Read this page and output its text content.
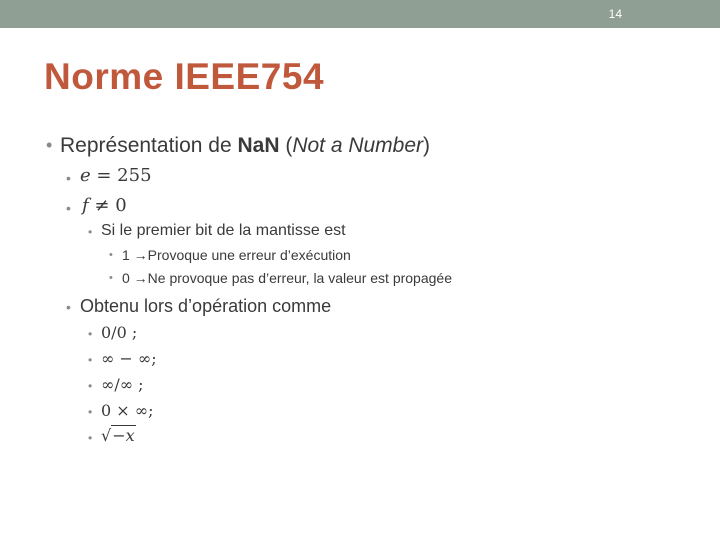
14
Norme IEEE754
• Représentation de NaN (Not a Number)
• e = 255
• f ≠ 0
• Si le premier bit de la mantisse est
• 1 →Provoque une erreur d’exécution
• 0 →Ne provoque pas d’erreur, la valeur est propagée
• Obtenu lors d’opération comme
• 0/0 ;
• ∞ − ∞;
• ∞/∞ ;
• 0 × ∞;
• √−x
